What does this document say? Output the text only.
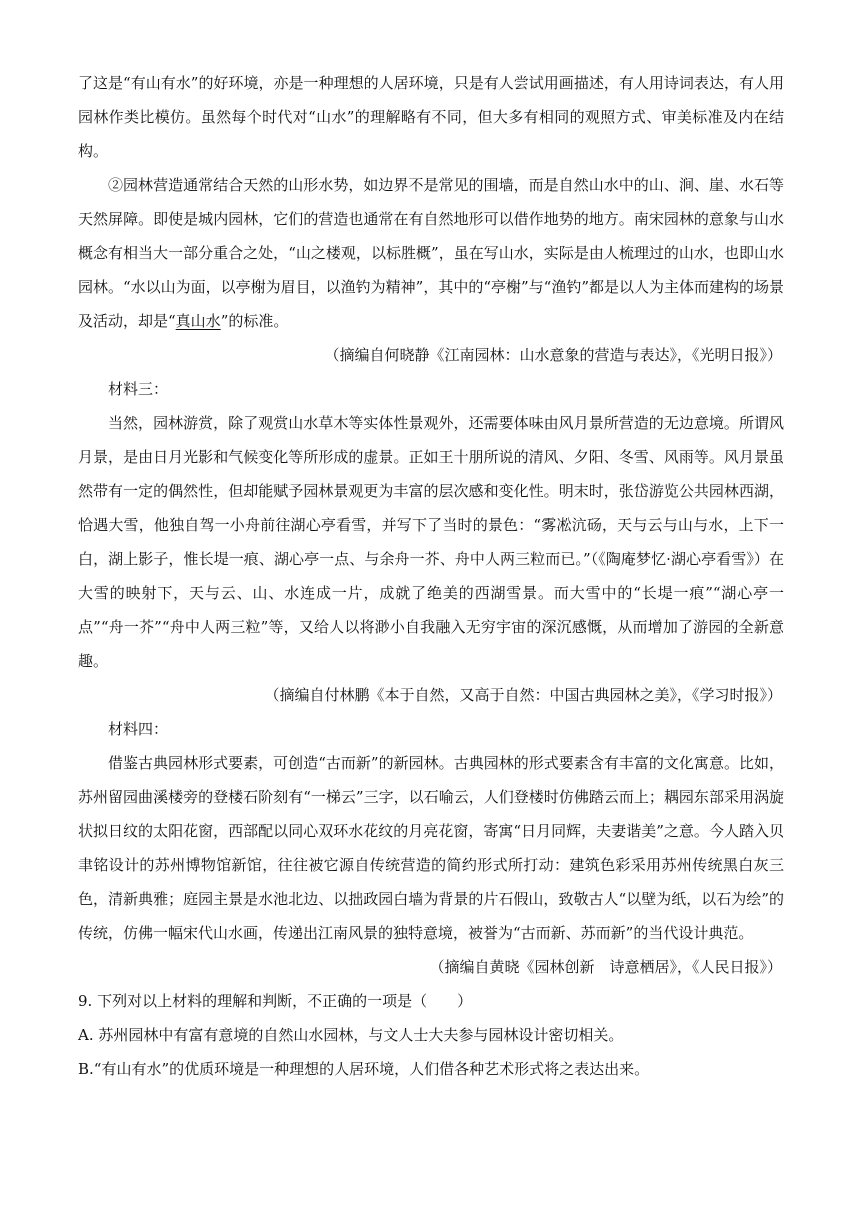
了这是“有山有水”的好环境，亦是一种理想的人居环境，只是有人尝试用画描述，有人用诗词表达，有人用园林作类比模仿。虽然每个时代对“山水”的理解略有不同，但大多有相同的观照方式、审美标准及内在结构。

②园林营造通常结合天然的山形水势，如边界不是常见的围墙，而是自然山水中的山、涧、崖、水石等天然屏障。即使是城内园林，它们的营造也通常在有自然地形可以借作地势的地方。南宋园林的意象与山水概念有相当大一部分重合之处，“山之楼观，以标胜概”，虽在写山水，实际是由人梳理过的山水，也即山水园林。“水以山为面，以亭榭为眉目，以渔钓为精神”，其中的“亭榭”与“渔钓”都是以人为主体而建构的场景及活动，却是“真山水”的标准。

（摘编自何晓静《江南园林：山水意象的营造与表达》，《光明日报》）

材料三：

当然，园林游赏，除了观赏山水草木等实体性景观外，还需要体味由风月景所营造的无边意境。所谓风月景，是由日月光影和气候变化等所形成的虚景。正如王十朋所说的清风、夕阳、冬雪、风雨等。风月景虽然带有一定的偶然性，但却能赋予园林景观更为丰富的层次感和变化性。明末时，张岱游览公共园林西湖，恰遇大雪，他独自驾一小舟前往湖心亭看雪，并写下了当时的景色：“雾凇沆砀，天与云与山与水，上下一白，湖上影子，惟长堤一痕、湖心亭一点、与余舟一芥、舟中人两三粒而已。”（《陶庵梦忆·湖心亭看雪》）在大雪的映射下，天与云、山、水连成一片，成就了绝美的西湖雪景。而大雪中的“长堤一痕”“湖心亭一点”“舟一芥”“舟中人两三粒”等，又给人以将渺小自我融入无穷宇宙的深沉感慨，从而增加了游园的全新意趣。

（摘编自付林鹏《本于自然，又高于自然：中国古典园林之美》，《学习时报》）

材料四：

借鉴古典园林形式要素，可创造“古而新”的新园林。古典园林的形式要素含有丰富的文化寓意。比如，苏州留园曲溪楼旁的登楼石阶刻有“一梯云”三字，以石喻云，人们登楼时仿佛踏云而上；耦园东部采用涡旋状拟日纹的太阳花窗，西部配以同心双环水花纹的月亮花窗，寄寓“日月同辉，夫妻谐美”之意。今人踏入贝聿铭设计的苏州博物馆新馆，往往被它源自传统营造的简约形式所打动：建筑色彩采用苏州传统黑白灰三色，清新典雅；庭园主景是水池北边、以拙政园白墙为背景的片石假山，致敬古人“以壁为纸，以石为绘”的传统，仿佛一幅宋代山水画，传递出江南风景的独特意境，被誉为“古而新、苏而新”的当代设计典范。

（摘编自黄晓《园林创新　诗意栖居》，《人民日报》）

9. 下列对以上材料的理解和判断，不正确的一项是（　　）

A. 苏州园林中有富有意境的自然山水园林，与文人士大夫参与园林设计密切相关。

B.“有山有水”的优质环境是一种理想的人居环境，人们借各种艺术形式将之表达出来。
